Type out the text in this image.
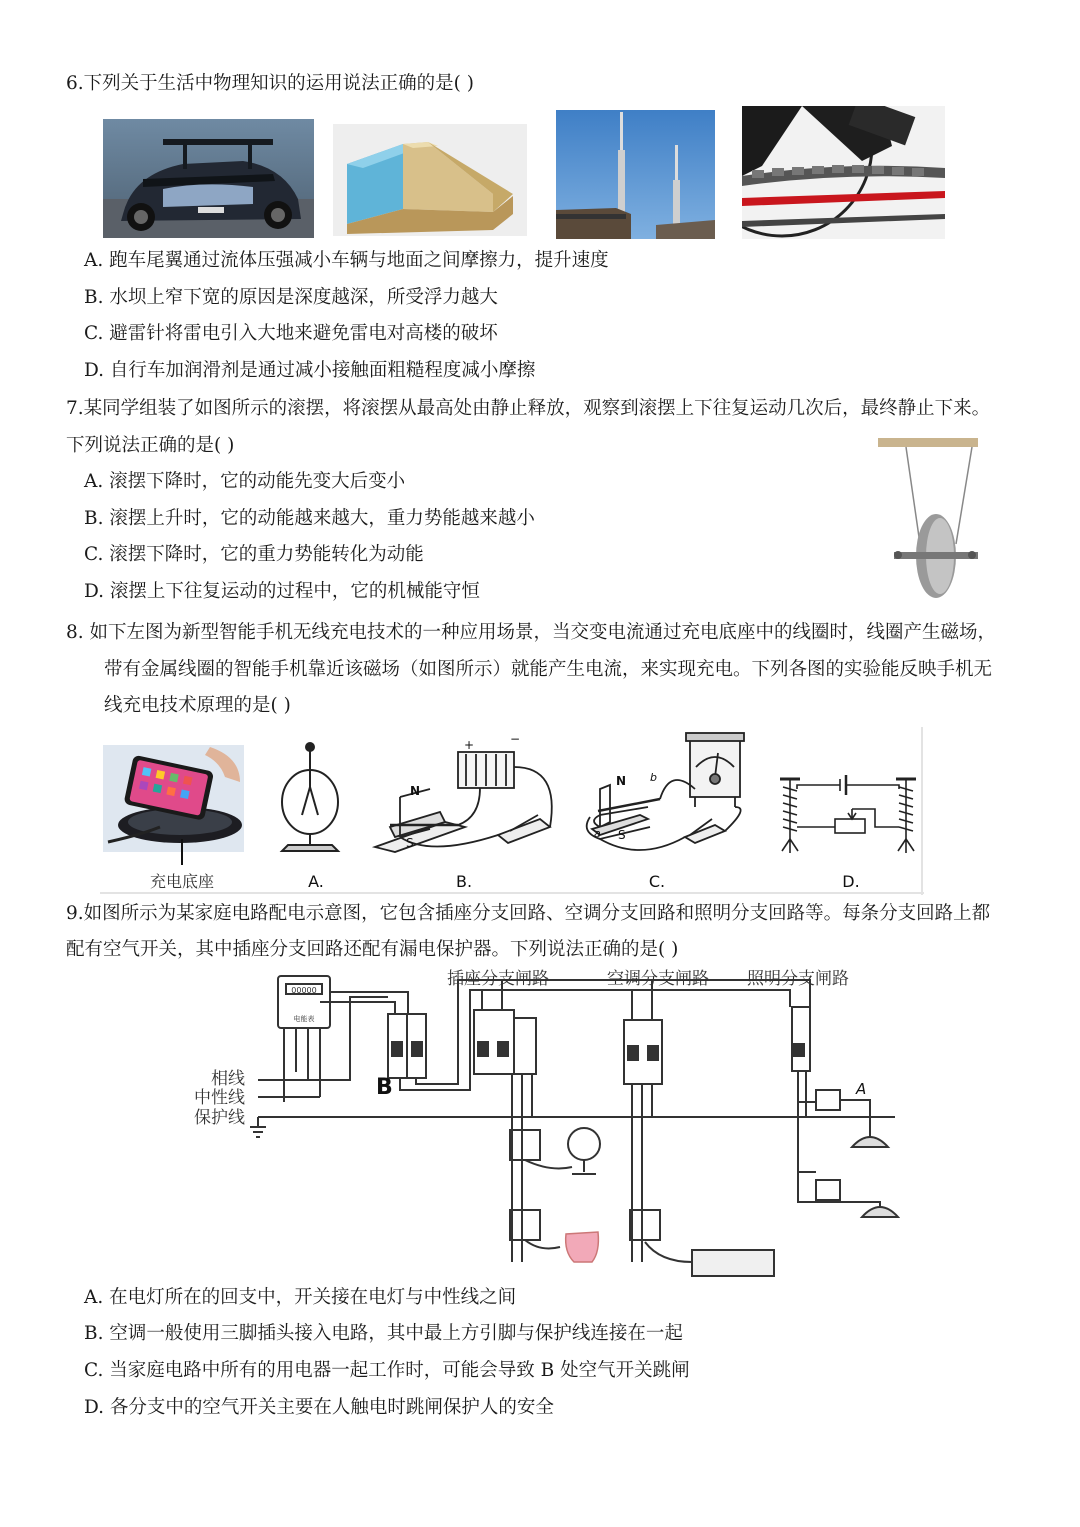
6.下列关于生活中物理知识的运用说法正确的是( )
A. 跑车尾翼通过流体压强减小车辆与地面之间摩擦力，提升速度
B. 水坝上窄下宽的原因是深度越深，所受浮力越大
C. 避雷针将雷电引入大地来避免雷电对高楼的破坏
D. 自行车加润滑剂是通过减小接触面粗糙程度减小摩擦
7.某同学组装了如图所示的滚摆，将滚摆从最高处由静止释放，观察到滚摆上下往复运动几次后，最终静止下来。
下列说法正确的是( )
A. 滚摆下降时，它的动能先变大后变小
B. 滚摆上升时，它的动能越来越大，重力势能越来越小
C. 滚摆下降时，它的重力势能转化为动能
D. 滚摆上下往复运动的过程中，它的机械能守恒
8. 如下左图为新型智能手机无线充电技术的一种应用场景，当交变电流通过充电底座中的线圈时，线圈产生磁场，
带有金属线圈的智能手机靠近该磁场（如图所示）就能产生电流，来实现充电。下列各图的实验能反映手机无
线充电技术原理的是( )
充电底座	A.
N
S
+	−
B.
N
S
a
b
C.	D.
9.如图所示为某家庭电路配电示意图，它包含插座分支回路、空调分支回路和照明分支回路等。每条分支回路上都
配有空气开关，其中插座分支回路还配有漏电保护器。下列说法正确的是( )
插座分支闸路	空调分支闸路 照明分支闸路
相线
中性线
保护线
B	A
电能表
00000
A. 在电灯所在的回支中，开关接在电灯与中性线之间
B. 空调一般使用三脚插头接入电路，其中最上方引脚与保护线连接在一起
C. 当家庭电路中所有的用电器一起工作时，可能会导致 B 处空气开关跳闸
D. 各分支中的空气开关主要在人触电时跳闸保护人的安全
